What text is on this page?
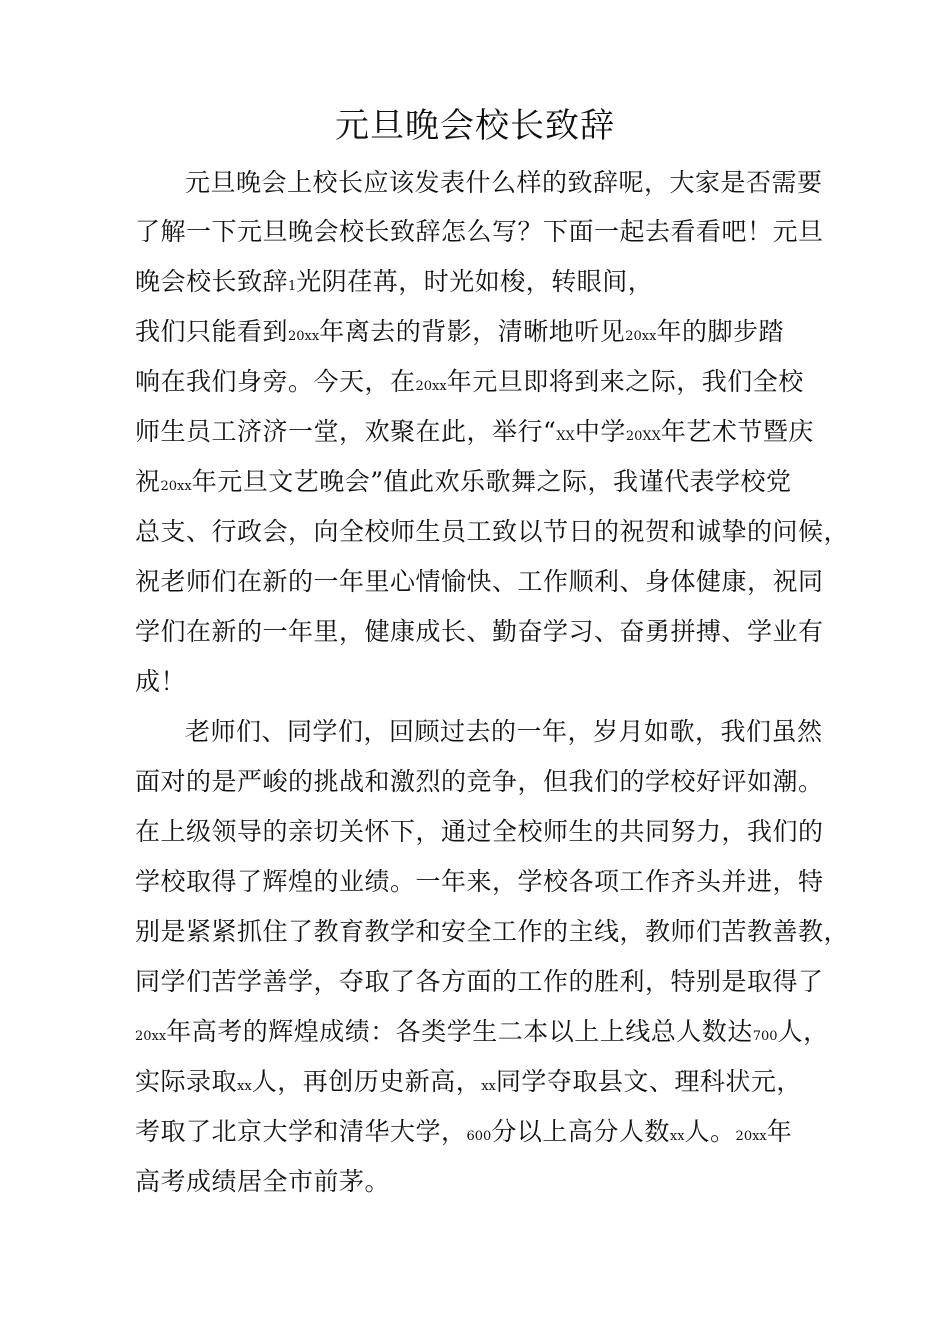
元旦晚会校长致辞
元旦晚会上校长应该发表什么样的致辞呢，大家是否需要
了解一下元旦晚会校长致辞怎么写？下面一起去看看吧！元旦
晚会校长致辞1光阴荏苒，时光如梭，转眼间，
我们只能看到20xx年离去的背影，清晰地听见20xx年的脚步踏
响在我们身旁。今天，在20xx年元旦即将到来之际，我们全校
师生员工济济一堂，欢聚在此，举行“XX中学20XX年艺术节暨庆
祝20xx年元旦文艺晚会”值此欢乐歌舞之际，我谨代表学校党
总支、行政会，向全校师生员工致以节日的祝贺和诚挚的问候，
祝老师们在新的一年里心情愉快、工作顺利、身体健康，祝同
学们在新的一年里，健康成长、勤奋学习、奋勇拼搏、学业有
成！
老师们、同学们，回顾过去的一年，岁月如歌，我们虽然
面对的是严峻的挑战和激烈的竞争，但我们的学校好评如潮。
在上级领导的亲切关怀下，通过全校师生的共同努力，我们的
学校取得了辉煌的业绩。一年来，学校各项工作齐头并进，特
别是紧紧抓住了教育教学和安全工作的主线，教师们苦教善教，
同学们苦学善学，夺取了各方面的工作的胜利，特别是取得了
20xx年高考的辉煌成绩：各类学生二本以上上线总人数达700人，
实际录取xx人，再创历史新高，xx同学夺取县文、理科状元，
考取了北京大学和清华大学，600分以上高分人数xx人。20xx年
高考成绩居全市前茅。
